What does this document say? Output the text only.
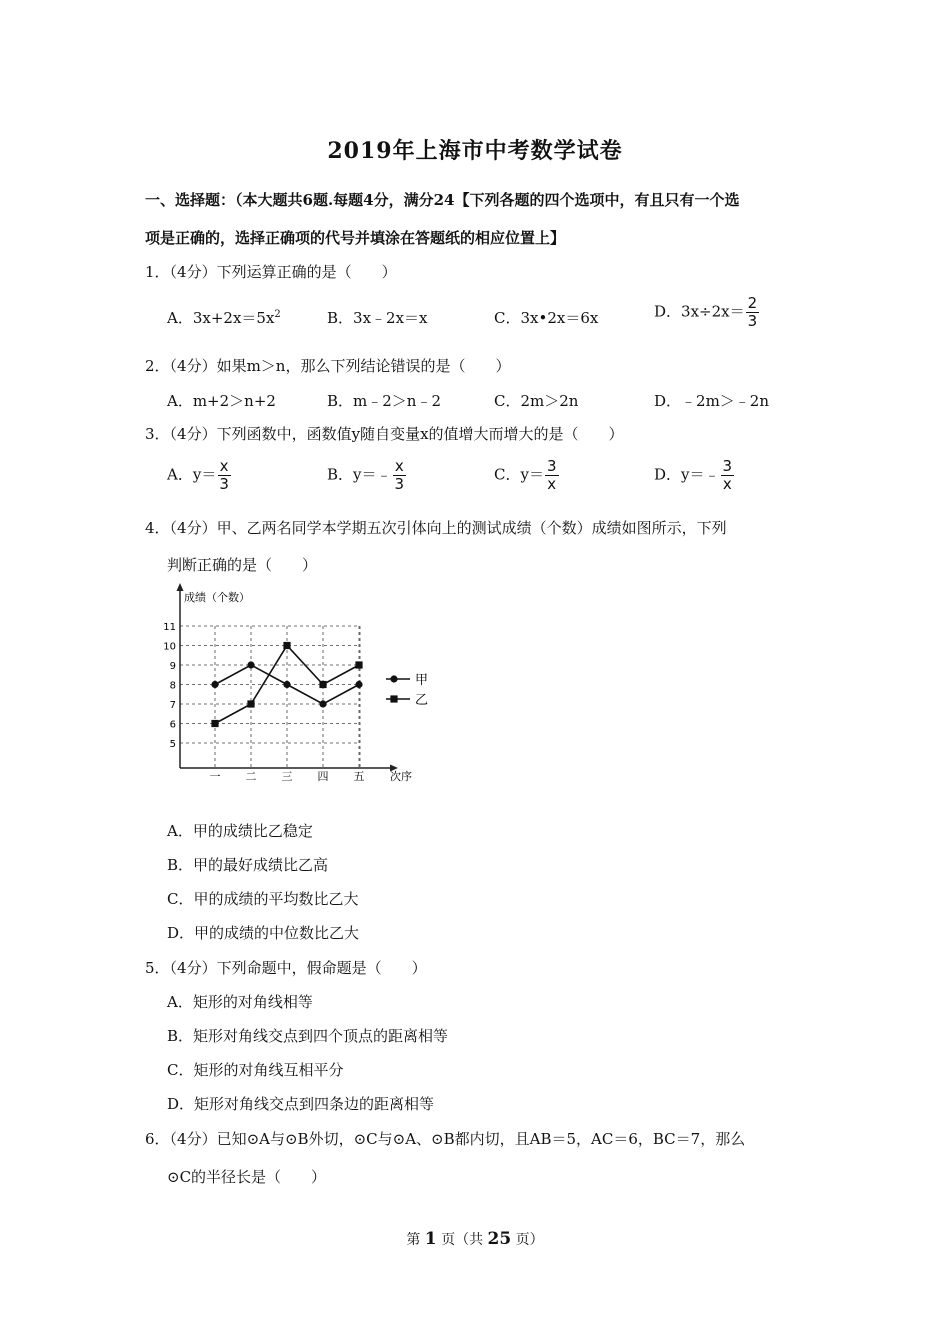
2019年上海市中考数学试卷
一、选择题：（本大题共6题.每题4分，满分24【下列各题的四个选项中，有且只有一个选
项是正确的，选择正确项的代号并填涂在答题纸的相应位置上】
1．（4分）下列运算正确的是（　　）
A．$3x+2x=5x^2$	B．3x﹣2x＝x	C．3x•2x＝6x	D．$3x\div 2x= \frac{2}{3}$
2．（4分）如果m＞n，那么下列结论错误的是（　　）
A．m+2＞n+2	B．m﹣2＞n﹣2	C．2m＞2n	D．﹣2m＞﹣2n
3．（4分）下列函数中，函数值y随自变量x的值增大而增大的是（　　）
A．$y= \frac{x}{3}$	B．y＝﹣ $\frac{x}{3}$	C．$y= \frac{3}{x}$	D．y＝﹣ $\frac{3}{x}$
4．（4分）甲、乙两名同学本学期五次引体向上的测试成绩（个数）成绩如图所示，下列
判断正确的是（　　）
成绩（个数）
次序
5
6
7
8
9
10
11
一 二 三 四 五
甲
乙
A．甲的成绩比乙稳定
B．甲的最好成绩比乙高
C．甲的成绩的平均数比乙大
D．甲的成绩的中位数比乙大
5．（4分）下列命题中，假命题是（　　）
A．矩形的对角线相等
B．矩形对角线交点到四个顶点的距离相等
C．矩形的对角线互相平分
D．矩形对角线交点到四条边的距离相等
6．（4分）已知⊙A与⊙B外切，⊙C与⊙A、⊙B都内切，且AB＝5，AC＝6，BC＝7，那么
⊙C的半径长是（　　）
第 1 页（共 25 页）
